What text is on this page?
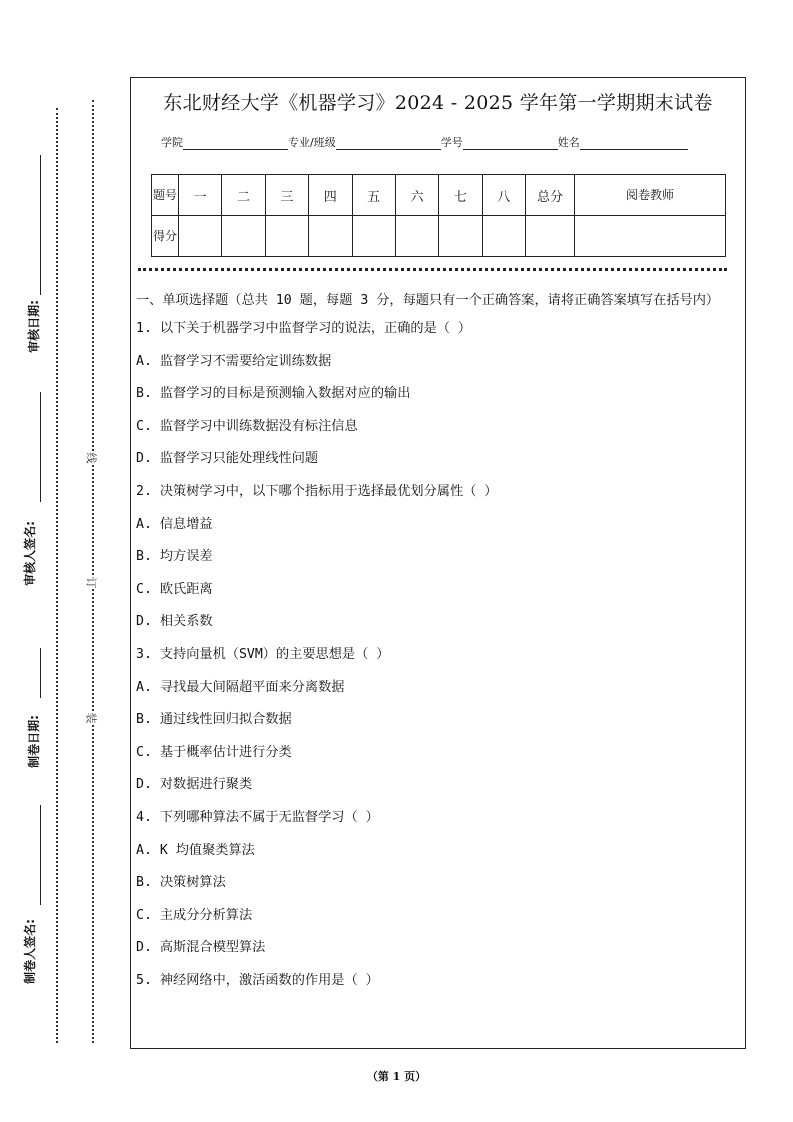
审核日期:
审核人签名:
制卷日期:
制卷人签名:
线
订
装
东北财经大学《机器学习》2024 - 2025 学年第一学期期末试卷
学院	专业/班级	学号	姓名
题号	一	二	三	四	五	六	七	八	总分	阅卷教师
得分										
一、单项选择题（总共 10 题，每题 3 分，每题只有一个正确答案，请将正确答案填写在括号内）
1. 以下关于机器学习中监督学习的说法，正确的是（ ）
A. 监督学习不需要给定训练数据
B. 监督学习的目标是预测输入数据对应的输出
C. 监督学习中训练数据没有标注信息
D. 监督学习只能处理线性问题
2. 决策树学习中，以下哪个指标用于选择最优划分属性（ ）
A. 信息增益
B. 均方误差
C. 欧氏距离
D. 相关系数
3. 支持向量机（SVM）的主要思想是（ ）
A. 寻找最大间隔超平面来分离数据
B. 通过线性回归拟合数据
C. 基于概率估计进行分类
D. 对数据进行聚类
4. 下列哪种算法不属于无监督学习（ ）
A. K 均值聚类算法
B. 决策树算法
C. 主成分分析算法
D. 高斯混合模型算法
5. 神经网络中，激活函数的作用是（ ）
（第 1 页）
